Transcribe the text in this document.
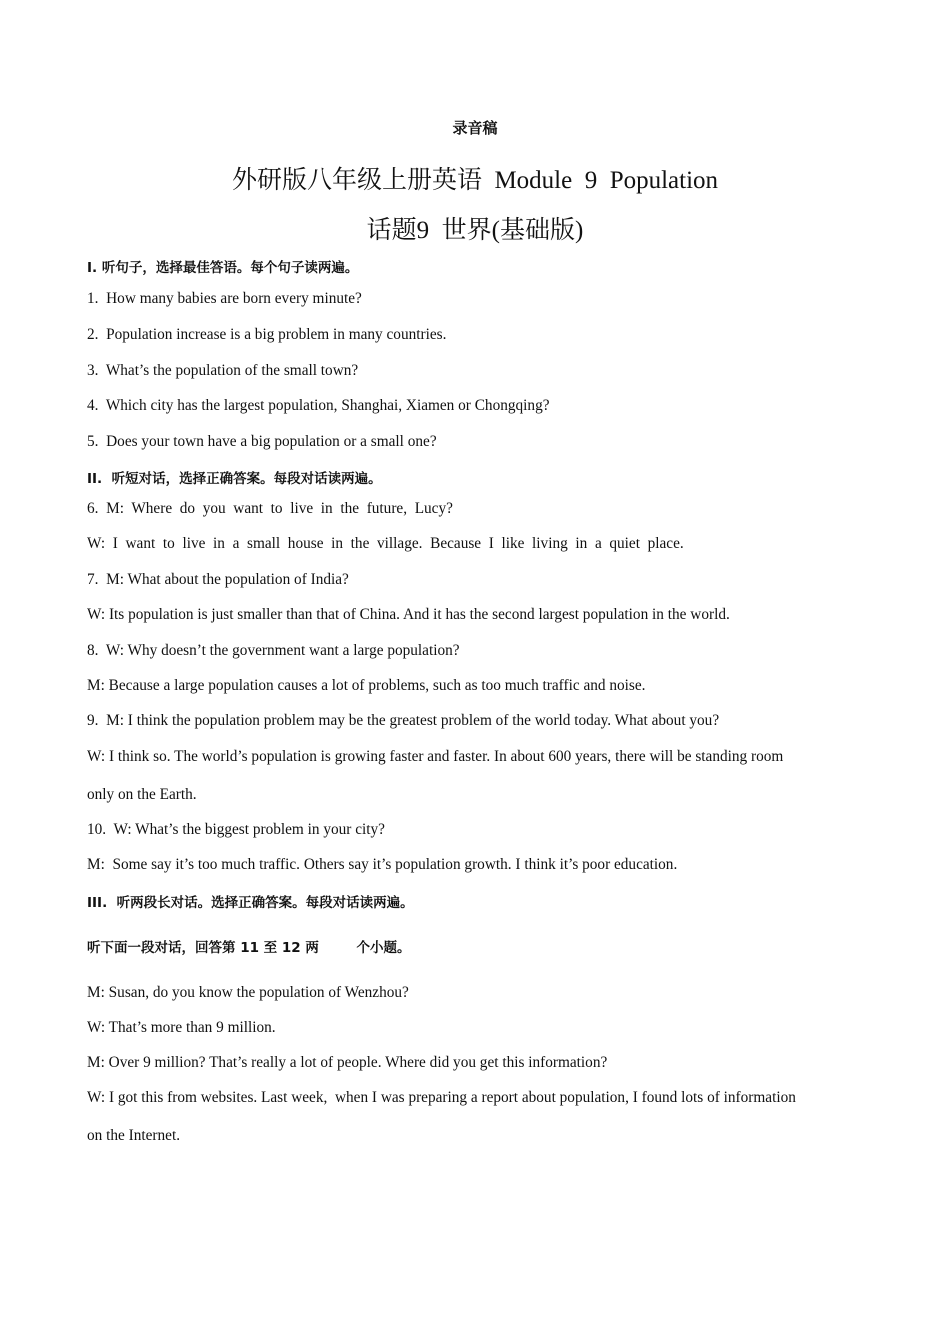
录音稿
外研版八年级上册英语  Module  9  Population
话题9  世界(基础版)
Ⅰ. 听句子，选择最佳答语。每个句子读两遍。
1.  How many babies are born every minute?
2.  Population increase is a big problem in many countries.
3.  What’s the population of the small town?
4.  Which city has the largest population, Shanghai, Xiamen or Chongqing?
5.  Does your town have a big population or a small one?
II.  听短对话，选择正确答案。每段对话读两遍。
6.  M:  Where  do  you  want  to  live  in  the  future,  Lucy?
W:  I  want  to  live  in  a  small  house  in  the  village.  Because  I  like  living  in  a  quiet  place.
7.  M: What about the population of India?
W: Its population is just smaller than that of China. And it has the second largest population in the world.
8.  W: Why doesn’t the government want a large population?
M: Because a large population causes a lot of problems, such as too much traffic and noise.
9.  M: I think the population problem may be the greatest problem of the world today. What about you?
W: I think so. The world’s population is growing faster and faster. In about 600 years, there will be standing room
only on the Earth.
10.  W: What’s the biggest problem in your city?
M:  Some say it’s too much traffic. Others say it’s population growth. I think it’s poor education.
III.  听两段长对话。选择正确答案。每段对话读两遍。
听下面一段对话，回答第 11 至 12 两        个小题。
M: Susan, do you know the population of Wenzhou?
W: That’s more than 9 million.
M: Over 9 million? That’s really a lot of people. Where did you get this information?
W: I got this from websites. Last week,  when I was preparing a report about population, I found lots of information
on the Internet.
